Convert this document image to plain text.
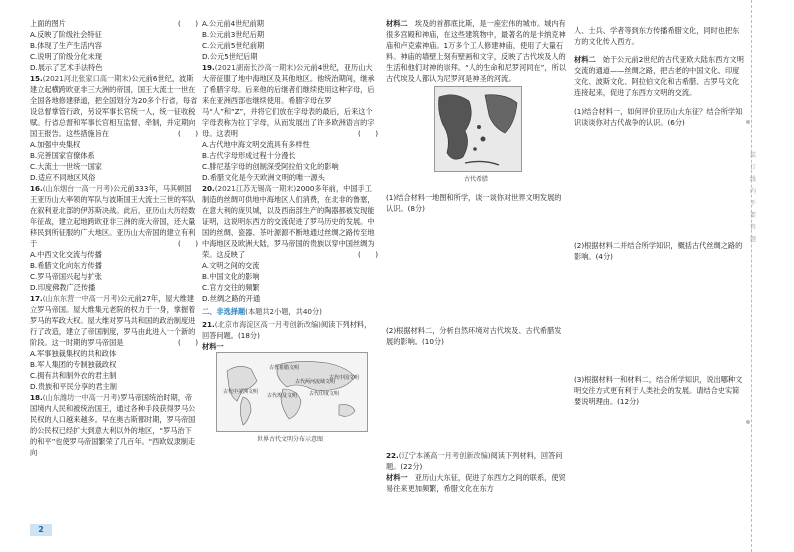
上面的图片	(　　)

A.反映了阶级社会特征

B.体现了生产生活内容

C.说明了阶级分化未现

D.展示了艺术手法特色

15.(2021河北张家口高一期末)公元前6世纪，波斯建立起横跨欧亚非三大洲的帝国，国王大流士一世在全国各地修建驿道，把全国划分为20多个行省，每省设总督掌管行政，另设军事长官统一人，统一征收税赋。行省总督和军事长官相互监督、牵制，并定期向国王报告。这些措施旨在	(　　)

A.加强中央集权

B.完善国家官僚体系

C.大流士一世统一国家

D.适应不同地区风俗

16.(山东烟台一高一月考)公元前333年，马其顿国王亚历山大率领的军队与波斯国王大流士三世的军队在叙利亚北部的伊苏斯决战。此后，亚历山大历经数年征战，建立起地跨欧亚非三洲的庞大帝国，还大量移民到所征服的广大地区。亚历山大帝国的建立有利于	(　　)

A.中西文化交流与传播

B.希腊文化向东方传播

C.罗马帝国兴起与扩张

D.印度佛教广泛传播

17.(山东东营一中高一月考)公元前27年，屋大维建立罗马帝国。屋大维集元老院的权力于一身，掌握着罗马的军政大权。屋大维对罗马共和国的政治制度进行了改造，建立了帝国制度，罗马由此进入一个新的阶段。这一时期的罗马帝国是	(　　)

A.军事独裁集权的共和政体

B.军人集团的专制独裁政权

C.拥有共和制外衣的君主制

D.贵族和平民分享的君主制

18.(山东潍坊一中高一月考)罗马帝国统治时期，帝国境内人民和被统治国王，通过各种手段获得罗马公民权的人口越来越多。早在奥古斯都时期，罗马帝国的公民权已经扩大到意大利以外的地区，“罗马治下的和平”也使罗马帝国繁荣了几百年。"西欧奴隶制走向

A.公元前4世纪前期

B.公元前3世纪后期

C.公元前5世纪前期

D.公元5世纪后期

19.(2021湖南长沙高一期末)公元前4世纪，亚历山大大帝征服了地中海地区及其他地区。他统治期间，继承了希腊字母。后来他的后继者们继续使用这种字母，后来在亚洲西部也继续使用。希腊字母在罗马“人”和“Z”，并将它们放在字母表的最后，后来这个字母表称为拉丁字母，从而发展出了许多欧洲语言的字母。这表明	(　　)

A.古代地中海文明交流具有多样性

B.古代字母形成过程十分漫长

C.腓尼基字母的创制深受阿拉伯文化的影响

D.希腊文化是今天欧洲文明的唯一源头

20.(2021江苏无锡高一期末)2000多年前，中国手工制造的丝绸可供地中海地区人们消费，在北非的鲁塞，在意大利的庞贝城，以及西南部生产的陶器都被发现能证明，这说明东西方的交流促进了罗马历史的发展。中国的丝绸、瓷器、茶叶源源不断地通过丝绸之路传至地中海地区及欧洲大陆，罗马帝国的贵族以穿中国丝绸为荣。这反映了	(　　)

A.文明之间的交流

B.中国文化的影响

C.官方交往的频繁

D.丝绸之路的开通

二、非选择题(本题共2小题，共40分)

21.(北京市海淀区高一月考创新改编)阅读下列材料，回答问题。(18分)

材料一

古代希腊文明
古代两河流域文明
古代中国文明
古代印度文明
古代埃及文明
古代中美洲文明

世界古代文明分布示意图

材料二　 埃及的首都底比斯，是一座宏伟的城市。城内有很多宫殿和神庙，在这些建筑物中，最著名的是卡纳克神庙和卢克索神庙。1万多个工人修建神庙，使用了大量石料。神庙的墙壁上刻有壁画和文字，反映了古代埃及人的生活和他们对神的崇拜。“人的生命和尼罗河同在”，所以古代埃及人都认为尼罗河是神圣的河流。

古代希腊

(1)结合材料一地图和所学，谈一谈你对世界文明发展的认识。(8分)

(2)根据材料二，分析自然环境对古代埃及、古代希腊发展的影响。(10分)

22.(辽宁本溪高一月考创新改编)阅读下列材料，回答问题。(22分)

材料一　 亚历山大东征，促进了东西方之间的联系，使贸易往来更加频繁，希腊文化在东方

人、士兵、学者等到东方传播希腊文化，同时也把东方的文化传入西方。

材料二　 始于公元前2世纪的古代亚欧大陆东西方文明交流的通道——丝绸之路，把古老的中国文化、印度文化、波斯文化、阿拉伯文化和古希腊、古罗马文化连接起来，促进了东西方文明的交流。

(1)结合材料一，如何评价亚历山大东征？结合所学知识谈谈你对古代战争的认识。(6分)

(2)根据材料二并结合所学知识，概括古代丝绸之路的影响。(4分)

(3)根据材料一和材料二，结合所学知识，说出哪种文明交往方式更有利于人类社会的发展。请结合史实简要说明理由。(12分)

装订线内不要答题
2
